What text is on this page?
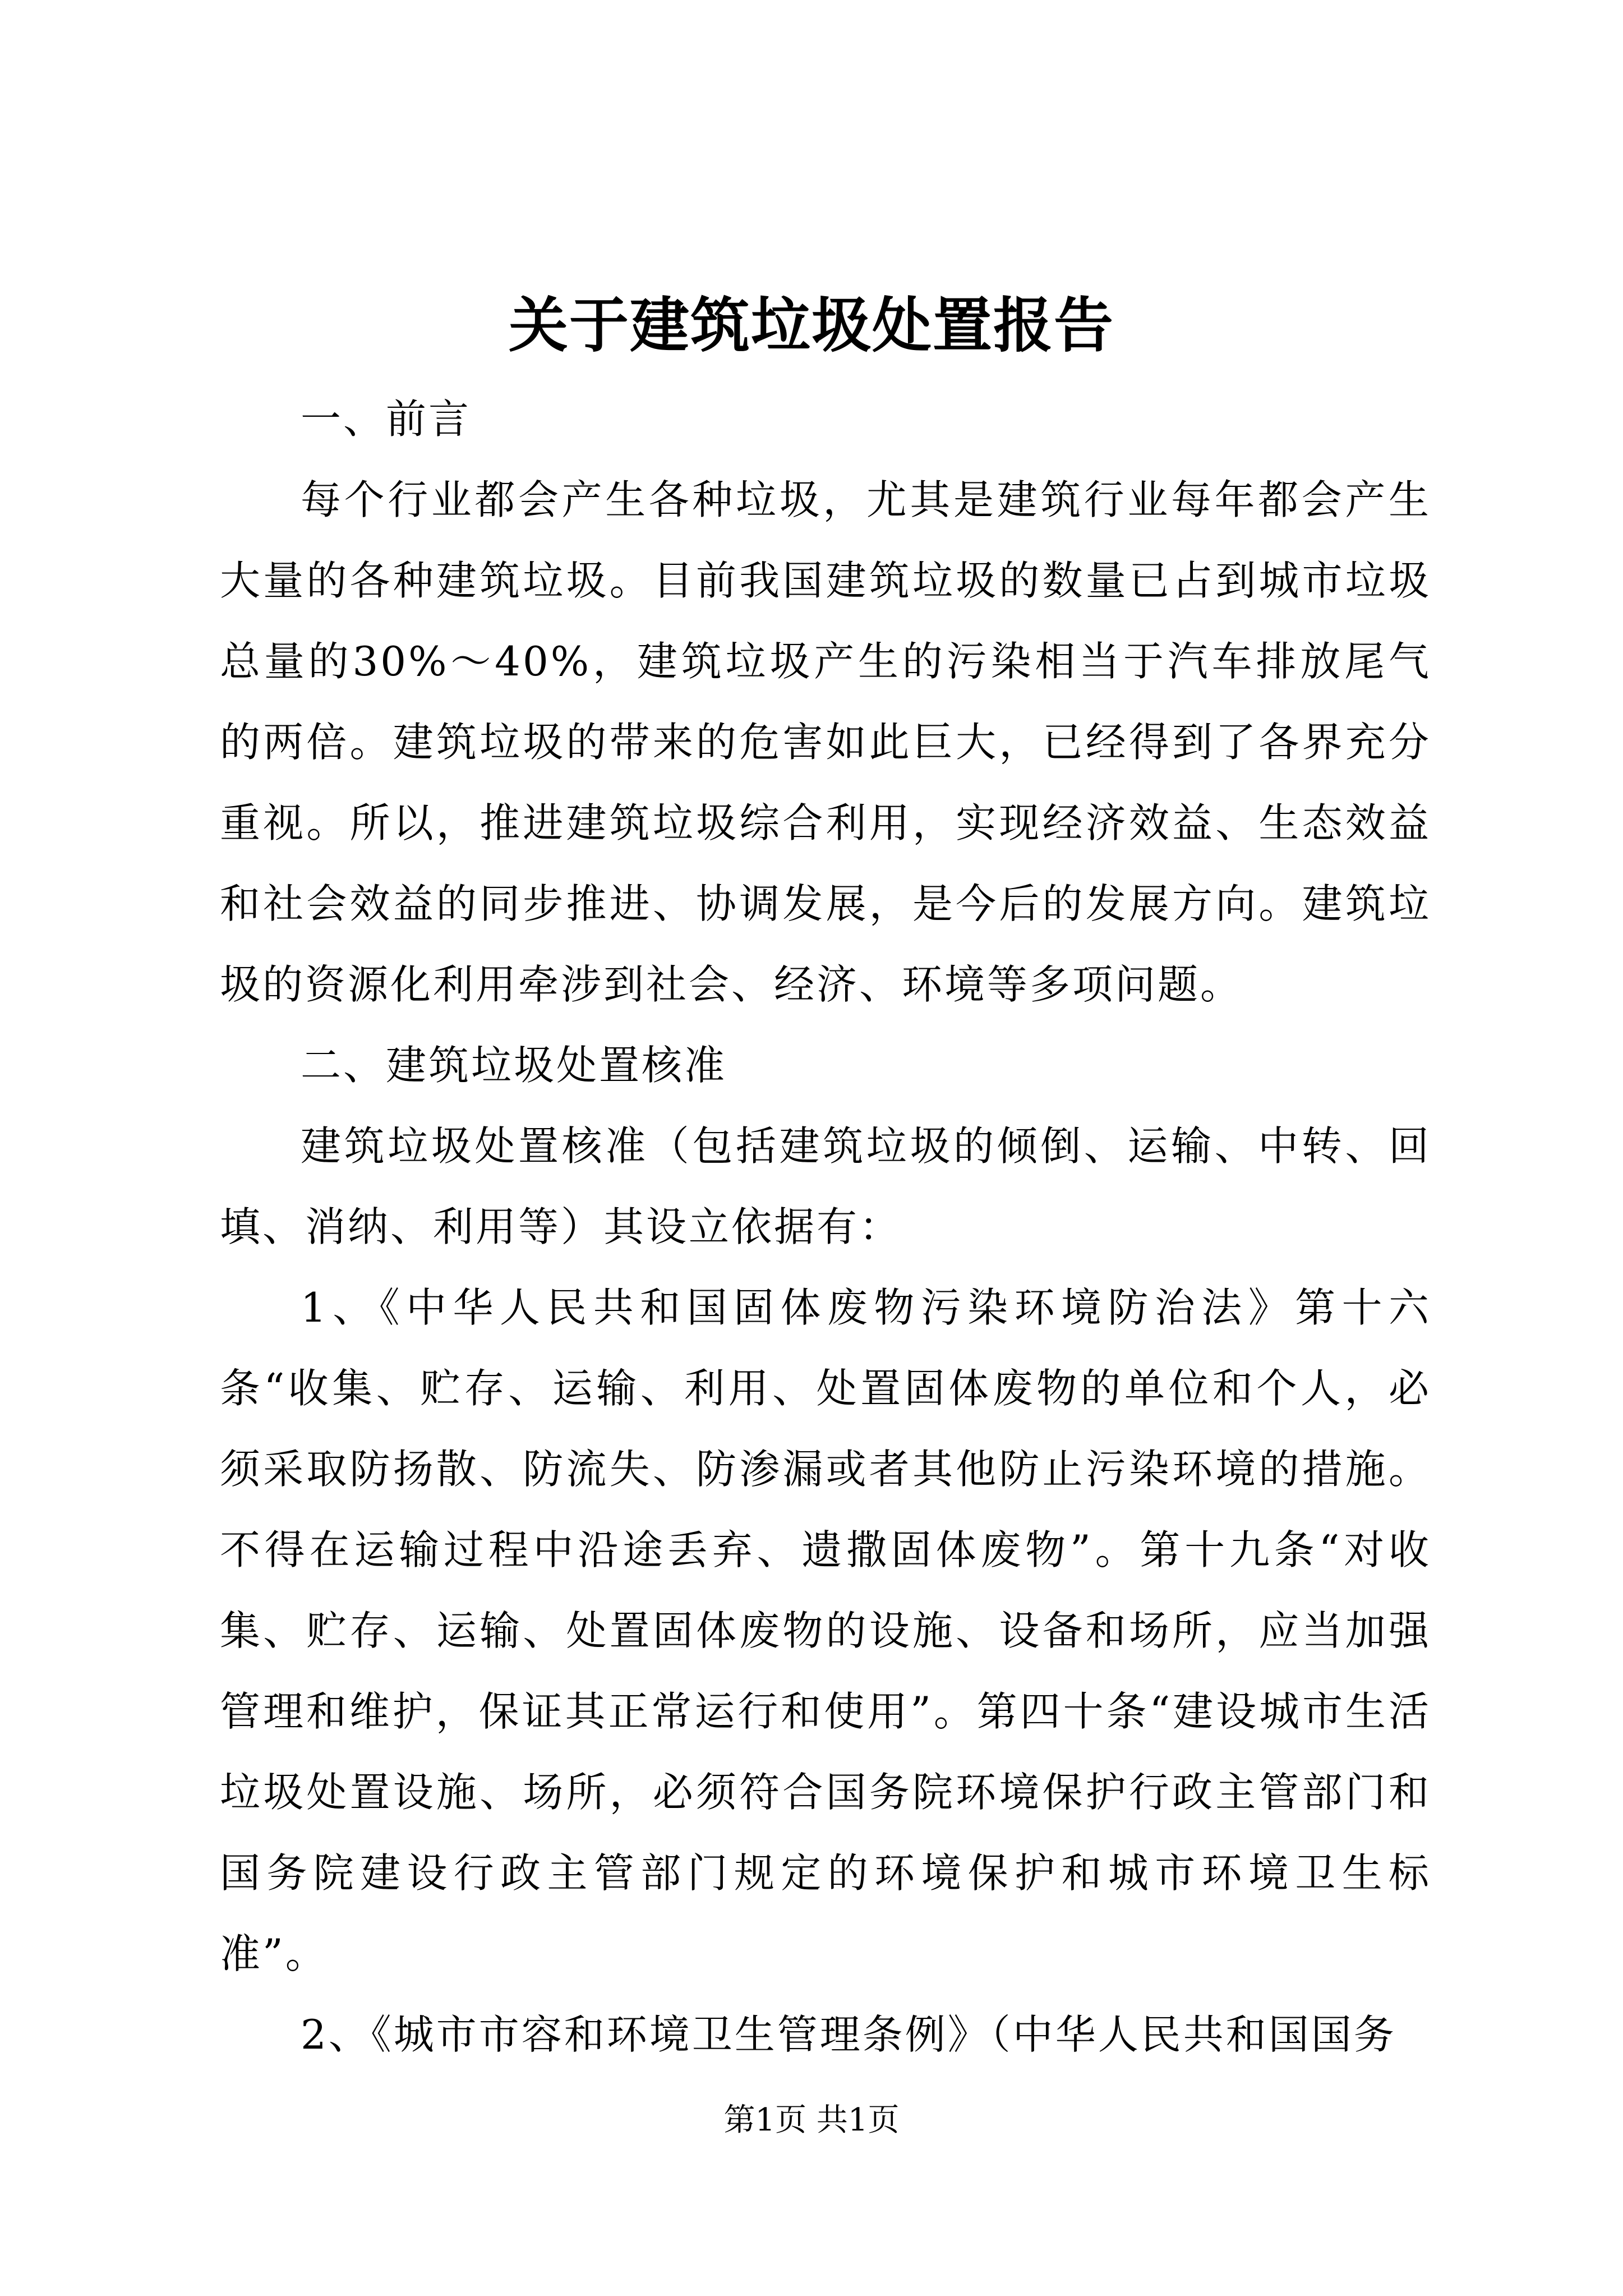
关于建筑垃圾处置报告

一、前言

每个行业都会产生各种垃圾，尤其是建筑行业每年都会产生大量的各种建筑垃圾。目前我国建筑垃圾的数量已占到城市垃圾总量的30%～40%，建筑垃圾产生的污染相当于汽车排放尾气的两倍。建筑垃圾的带来的危害如此巨大，已经得到了各界充分重视。所以，推进建筑垃圾综合利用，实现经济效益、生态效益和社会效益的同步推进、协调发展，是今后的发展方向。建筑垃圾的资源化利用牵涉到社会、经济、环境等多项问题。

二、建筑垃圾处置核准

建筑垃圾处置核准（包括建筑垃圾的倾倒、运输、中转、回填、消纳、利用等）其设立依据有：

1、《中华人民共和国固体废物污染环境防治法》第十六条“收集、贮存、运输、利用、处置固体废物的单位和个人，必须采取防扬散、防流失、防渗漏或者其他防止污染环境的措施。不得在运输过程中沿途丢弃、遗撒固体废物”。第十九条“对收集、贮存、运输、处置固体废物的设施、设备和场所，应当加强管理和维护，保证其正常运行和使用”。第四十条“建设城市生活垃圾处置设施、场所，必须符合国务院环境保护行政主管部门和国务院建设行政主管部门规定的环境保护和城市环境卫生标准”。

2、《城市市容和环境卫生管理条例》（中华人民共和国国务

第1页 共1页
